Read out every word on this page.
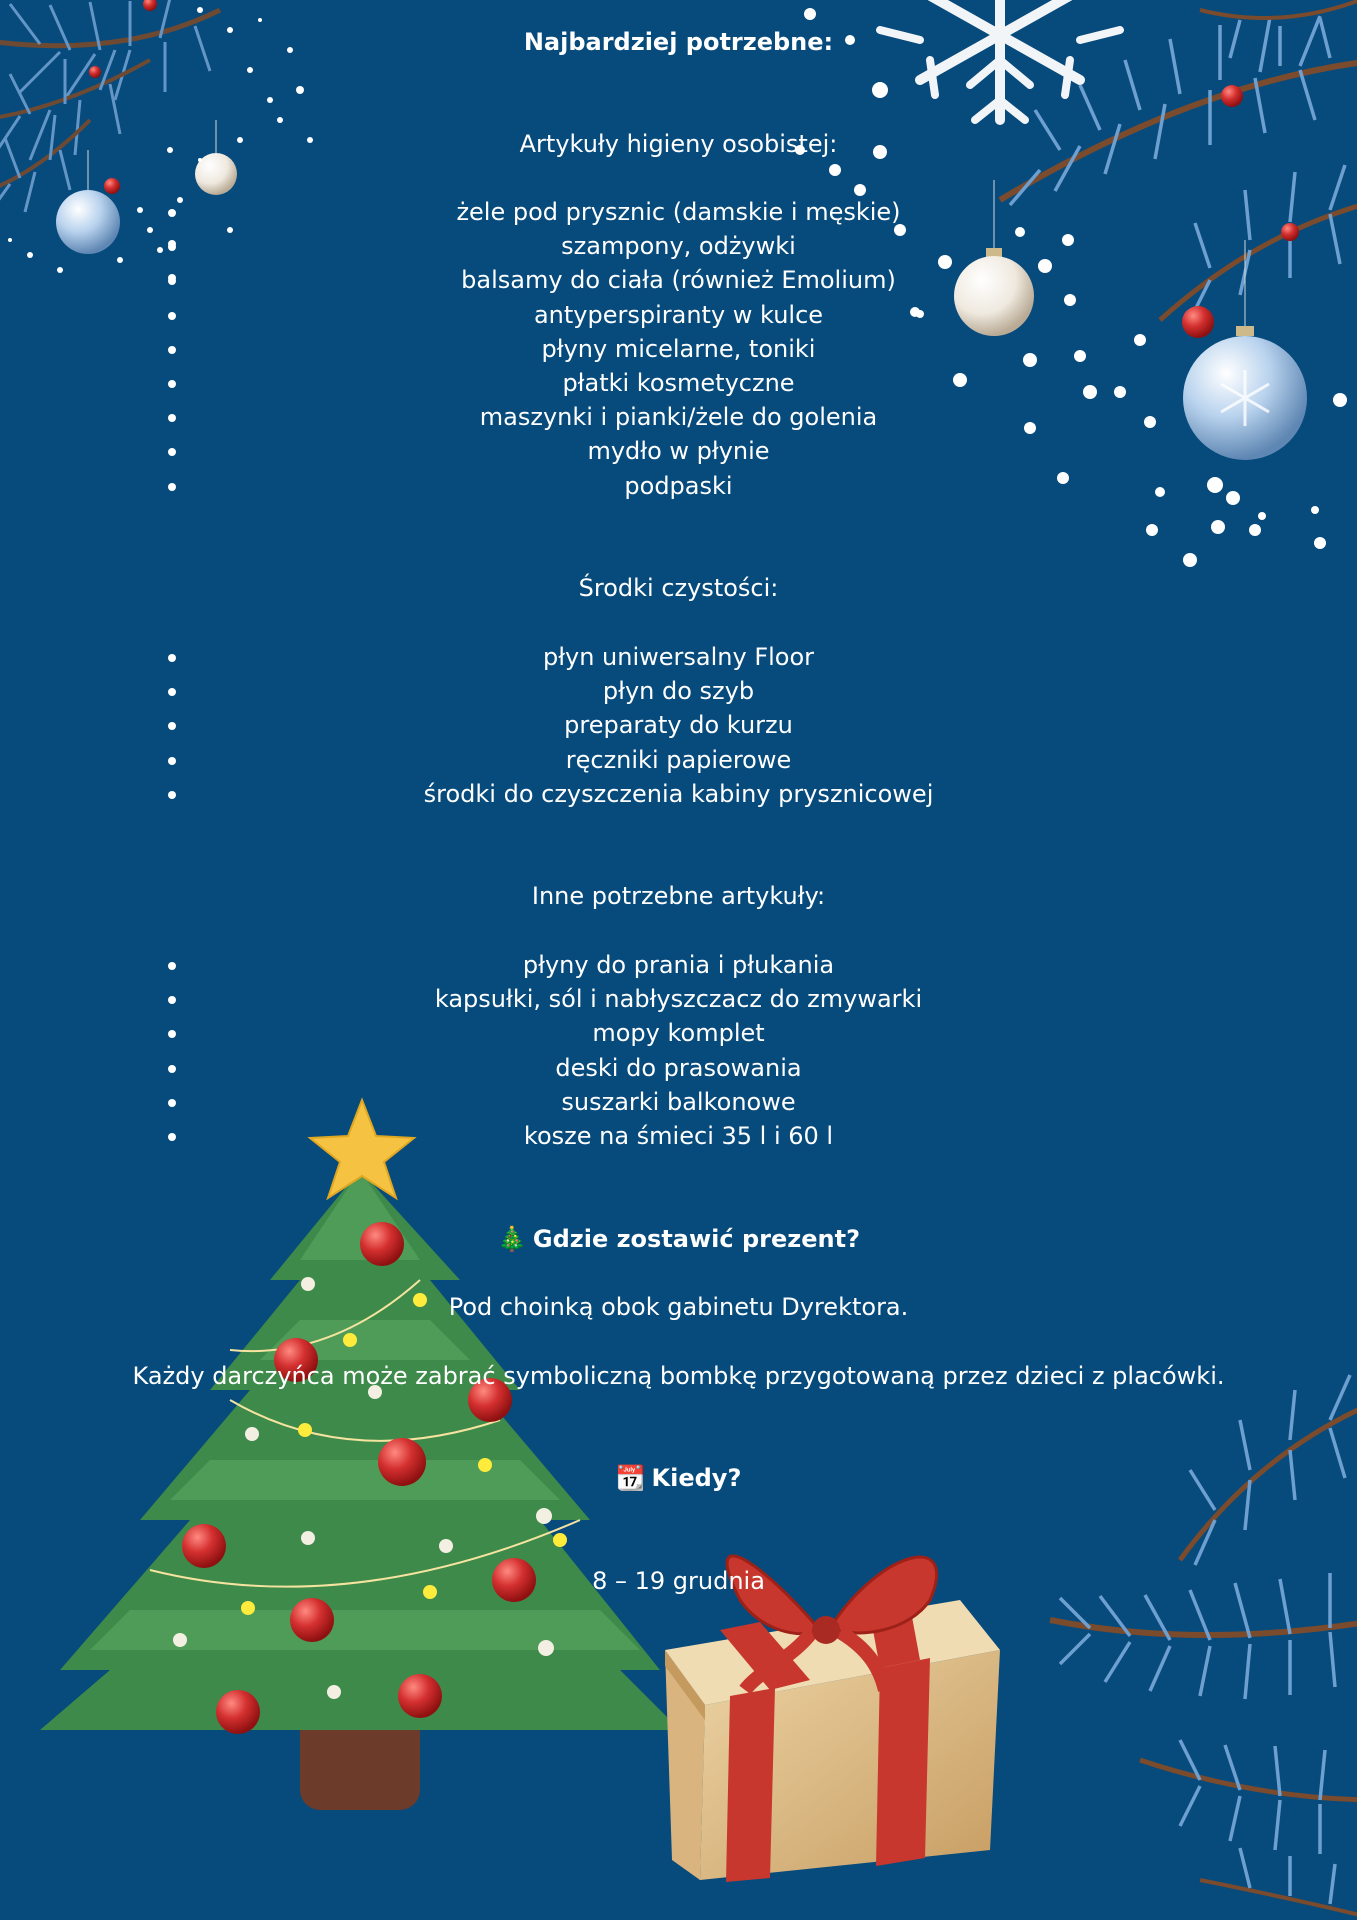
Najbardziej potrzebne:

Artykuły higieny osobistej:

żele pod prysznic (damskie i męskie)
szampony, odżywki
balsamy do ciała (również Emolium)
antyperspiranty w kulce
płyny micelarne, toniki
płatki kosmetyczne
maszynki i pianki/żele do golenia
mydło w płynie
podpaski

Środki czystości:

płyn uniwersalny Floor
płyn do szyb
preparaty do kurzu
ręczniki papierowe
środki do czyszczenia kabiny prysznicowej

Inne potrzebne artykuły:

płyny do prania i płukania
kapsułki, sól i nabłyszczacz do zmywarki
mopy komplet
deski do prasowania
suszarki balkonowe
kosze na śmieci 35 l i 60 l

🎄 Gdzie zostawić prezent?

Pod choinką obok gabinetu Dyrektora.

Każdy darczyńca może zabrać symboliczną bombkę przygotowaną przez dzieci z placówki.

📆 Kiedy?

8 – 19 grudnia
